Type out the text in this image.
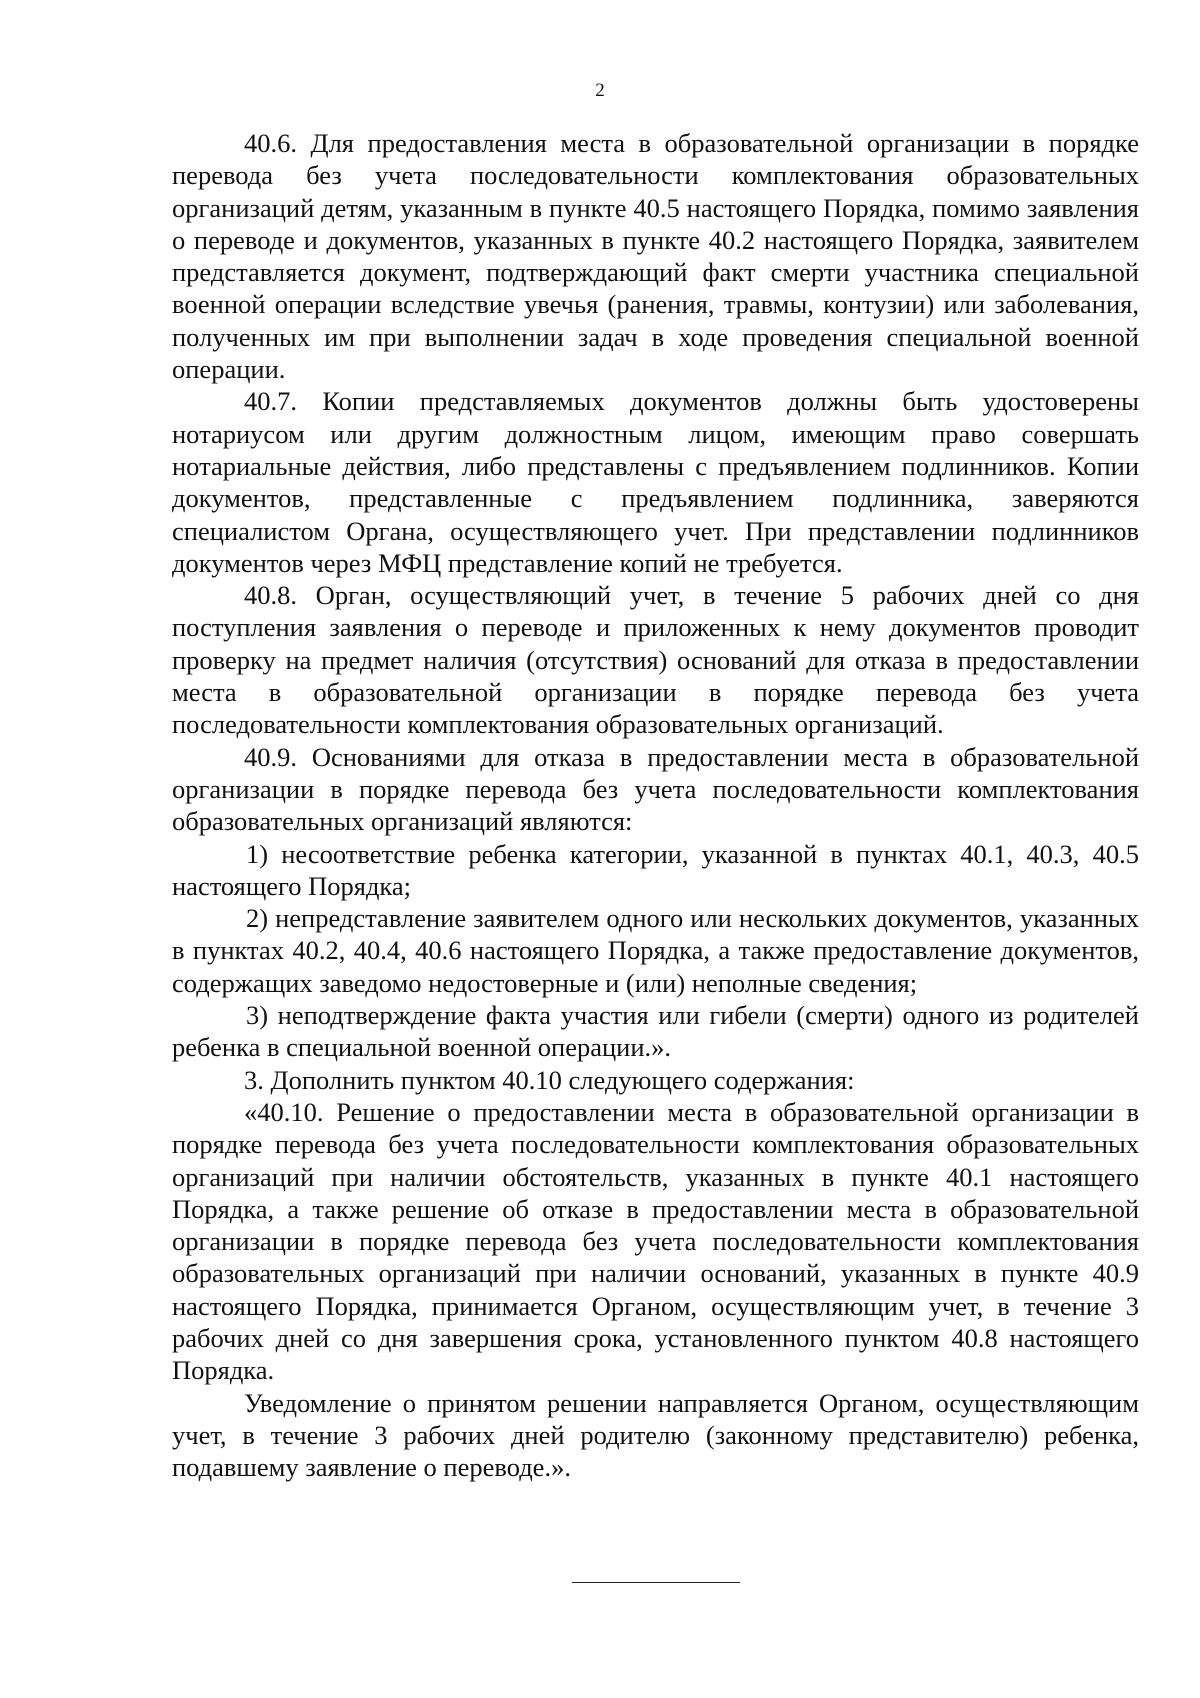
2

40.6. Для предоставления места в образовательной организации в порядке перевода без учета последовательности комплектования образовательных организаций детям, указанным в пункте 40.5 настоящего Порядка, помимо заявления о переводе и документов, указанных в пункте 40.2 настоящего Порядка, заявителем представляется документ, подтверждающий факт смерти участника специальной военной операции вследствие увечья (ранения, травмы, контузии) или заболевания, полученных им при выполнении задач в ходе проведения специальной военной операции.

40.7. Копии представляемых документов должны быть удостоверены нотариусом или другим должностным лицом, имеющим право совершать нотариальные действия, либо представлены с предъявлением подлинников. Копии документов, представленные с предъявлением подлинника, заверяются специалистом Органа, осуществляющего учет. При представлении подлинников документов через МФЦ представление копий не требуется.

40.8. Орган, осуществляющий учет, в течение 5 рабочих дней со дня поступления заявления о переводе и приложенных к нему документов проводит проверку на предмет наличия (отсутствия) оснований для отказа в предоставлении места в образовательной организации в порядке перевода без учета последовательности комплектования образовательных организаций.

40.9. Основаниями для отказа в предоставлении места в образовательной организации в порядке перевода без учета последовательности комплектования образовательных организаций являются:

1) несоответствие ребенка категории, указанной в пунктах 40.1, 40.3, 40.5 настоящего Порядка;

2) непредставление заявителем одного или нескольких документов, указанных в пунктах 40.2, 40.4, 40.6 настоящего Порядка, а также предоставление документов, содержащих заведомо недостоверные и (или) неполные сведения;

3) неподтверждение факта участия или гибели (смерти) одного из родителей ребенка в специальной военной операции.».

3. Дополнить пунктом 40.10 следующего содержания:

«40.10. Решение о предоставлении места в образовательной организации в порядке перевода без учета последовательности комплектования образовательных организаций при наличии обстоятельств, указанных в пункте 40.1 настоящего Порядка, а также решение об отказе в предоставлении места в образовательной организации в порядке перевода без учета последовательности комплектования образовательных организаций при наличии оснований, указанных в пункте 40.9 настоящего Порядка, принимается Органом, осуществляющим учет, в течение 3 рабочих дней со дня завершения срока, установленного пунктом 40.8 настоящего Порядка.

Уведомление о принятом решении направляется Органом, осуществляющим учет, в течение 3 рабочих дней родителю (законному представителю) ребенка, подавшему заявление о переводе.».
